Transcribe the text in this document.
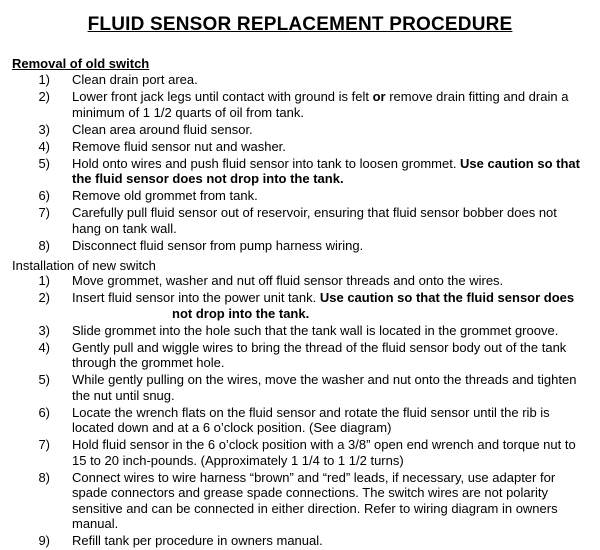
FLUID SENSOR REPLACEMENT PROCEDURE
Removal of old switch
1) Clean drain port area.
2) Lower front jack legs until contact with ground is felt or remove drain fitting and drain a minimum of 1 1/2 quarts of oil from tank.
3) Clean area around fluid sensor.
4) Remove fluid sensor nut and washer.
5) Hold onto wires and push fluid sensor into tank to loosen grommet. Use caution so that the fluid sensor does not drop into the tank.
6) Remove old grommet from tank.
7) Carefully pull fluid sensor out of reservoir, ensuring that fluid sensor bobber does not hang on tank wall.
8) Disconnect fluid sensor from pump harness wiring.
Installation of new switch
1) Move grommet, washer and nut off fluid sensor threads and onto the wires.
2) Insert fluid sensor into the power unit tank. Use caution so that the fluid sensor doesnot drop into the tank.
3) Slide grommet into the hole such that the tank wall is located in the grommet groove.
4) Gently pull and wiggle wires to bring the thread of the fluid sensor body out of the tank through the grommet hole.
5) While gently pulling on the wires, move the washer and nut onto the threads and tighten the nut until snug.
6) Locate the wrench flats on the fluid sensor and rotate the fluid sensor until the rib is located down and at a 6 o’clock position. (See diagram)
7) Hold fluid sensor in the 6 o’clock position with a 3/8” open end wrench and torque nut to 15 to 20 inch-pounds. (Approximately 1 1/4 to 1 1/2 turns)
8) Connect wires to wire harness “brown” and “red” leads, if necessary, use adapter for spade connectors and grease spade connections. The switch wires are not polarity sensitive and can be connected in either direction. Refer to wiring diagram in owners manual.
9) Refill tank per procedure in owners manual.
